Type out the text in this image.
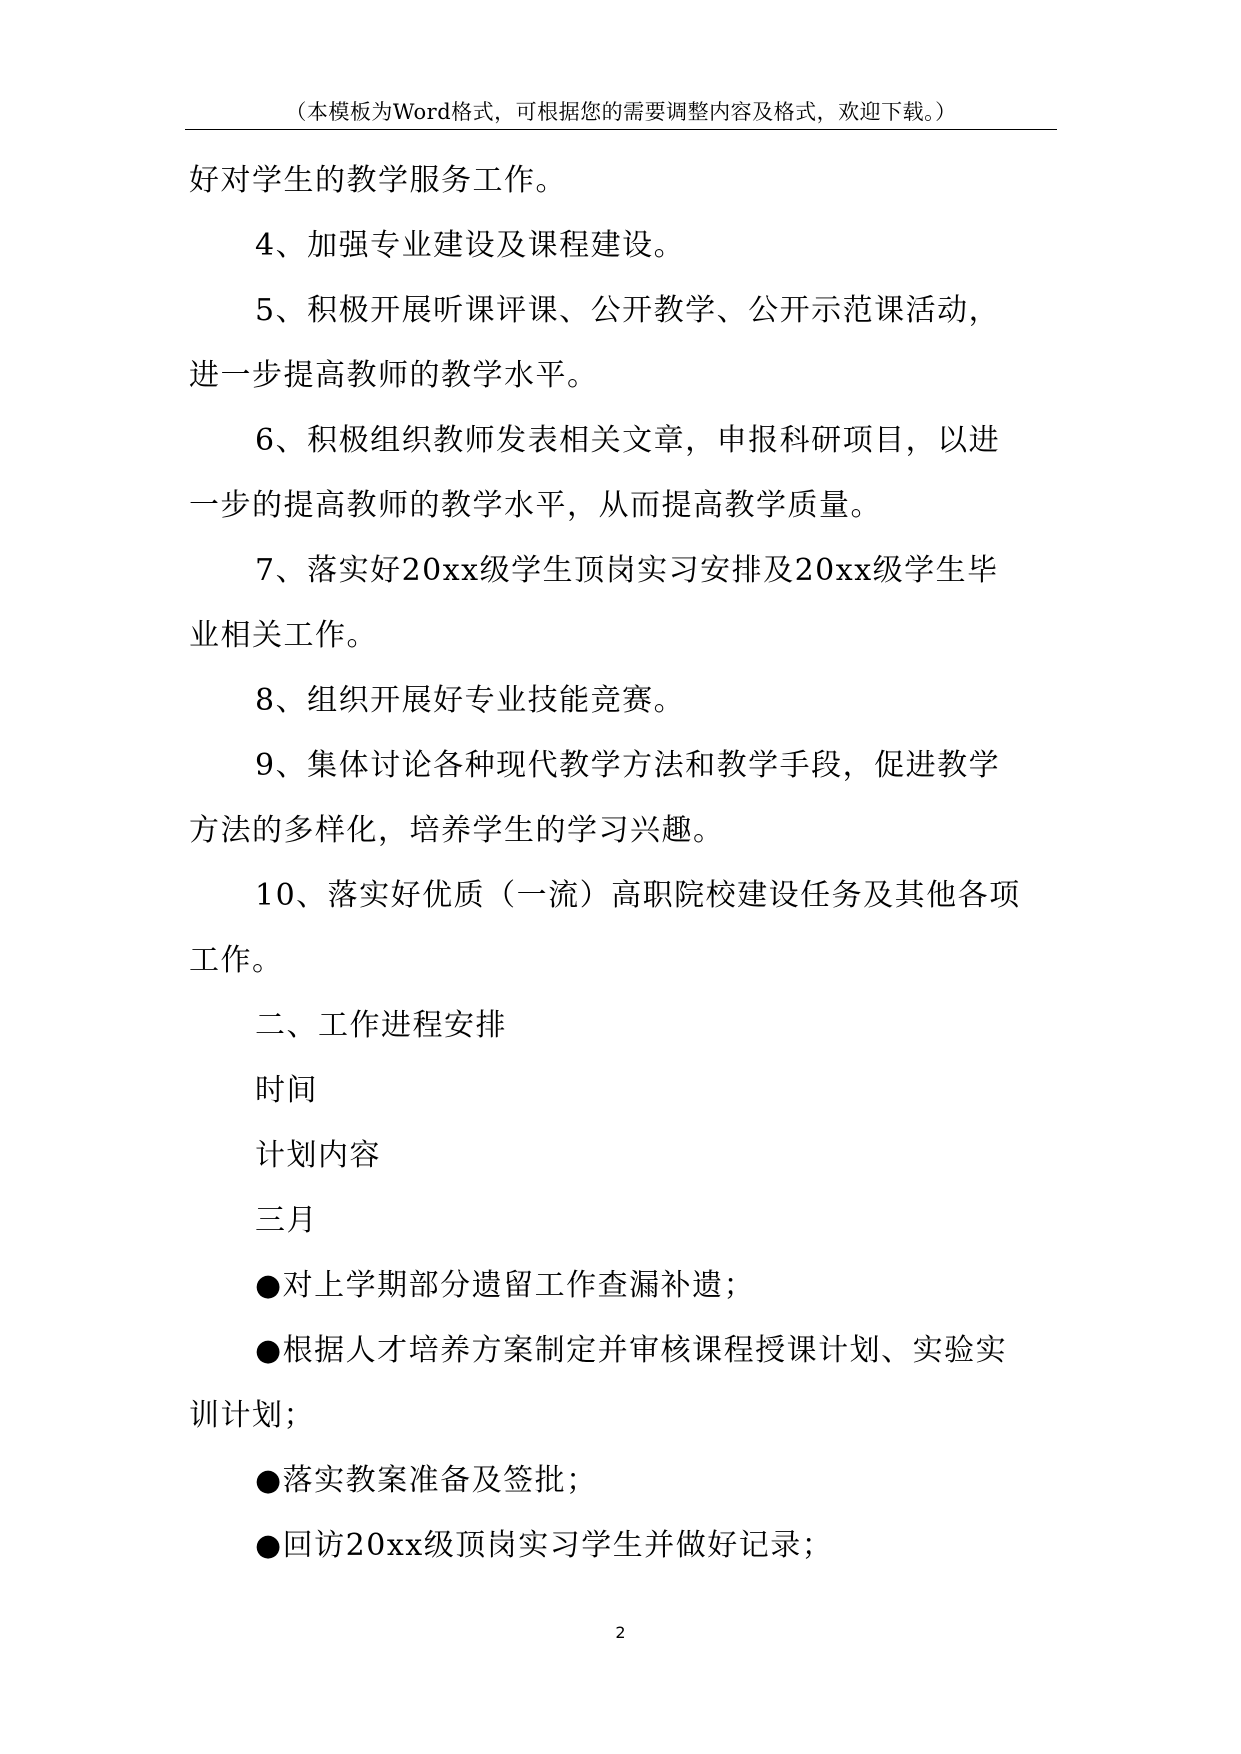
（本模板为Word格式，可根据您的需要调整内容及格式，欢迎下载。）
好对学生的教学服务工作。
4、加强专业建设及课程建设。
5、积极开展听课评课、公开教学、公开示范课活动，
进一步提高教师的教学水平。
6、积极组织教师发表相关文章，申报科研项目，以进
一步的提高教师的教学水平，从而提高教学质量。
7、落实好20xx级学生顶岗实习安排及20xx级学生毕
业相关工作。
8、组织开展好专业技能竞赛。
9、集体讨论各种现代教学方法和教学手段，促进教学
方法的多样化，培养学生的学习兴趣。
10、落实好优质（一流）高职院校建设任务及其他各项
工作。
二、工作进程安排
时间
计划内容
三月
●对上学期部分遗留工作查漏补遗；
●根据人才培养方案制定并审核课程授课计划、实验实
训计划；
●落实教案准备及签批；
●回访20xx级顶岗实习学生并做好记录；
2
